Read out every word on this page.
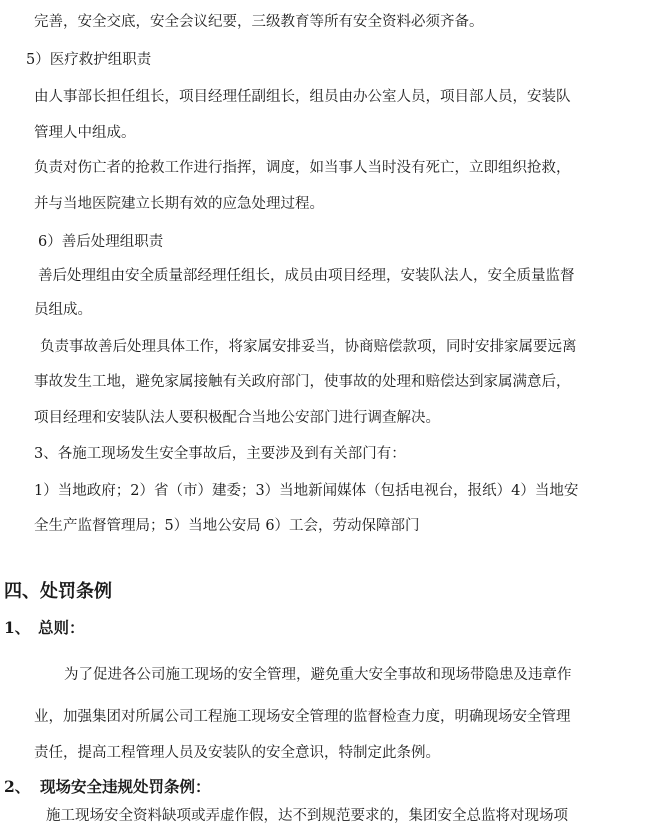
完善，安全交底，安全会议纪要，三级教育等所有安全资料必须齐备。
5）医疗救护组职责
由人事部长担任组长，项目经理任副组长，组员由办公室人员，项目部人员，安装队
管理人中组成。
负责对伤亡者的抢救工作进行指挥，调度，如当事人当时没有死亡，立即组织抢救，
并与当地医院建立长期有效的应急处理过程。
6）善后处理组职责
善后处理组由安全质量部经理任组长，成员由项目经理，安装队法人，安全质量监督
员组成。
负责事故善后处理具体工作，将家属安排妥当，协商赔偿款项，同时安排家属要远离
事故发生工地，避免家属接触有关政府部门，使事故的处理和赔偿达到家属满意后，
项目经理和安装队法人要积极配合当地公安部门进行调查解决。
3、各施工现场发生安全事故后，主要涉及到有关部门有：
1）当地政府；2）省（市）建委；3）当地新闻媒体（包括电视台，报纸）4）当地安
全生产监督管理局；5）当地公安局 6）工会，劳动保障部门
四、处罚条例
1、 总则：
为了促进各公司施工现场的安全管理，避免重大安全事故和现场带隐患及违章作
业，加强集团对所属公司工程施工现场安全管理的监督检查力度，明确现场安全管理
责任，提高工程管理人员及安装队的安全意识，特制定此条例。
2、 现场安全违规处罚条例：
施工现场安全资料缺项或弄虚作假，达不到规范要求的，集团安全总监将对现场项
